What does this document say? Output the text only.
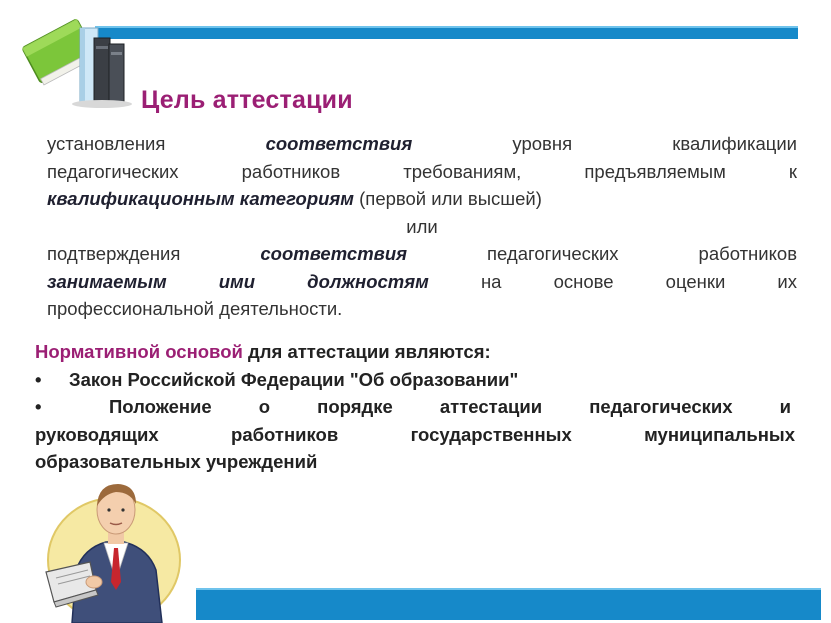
Цель аттестации
установления	соответствия	уровня	квалификации
педагогических работников требованиям, предъявляемым к
квалификационным категориям (первой или высшей)
или
подтверждения	соответствия	педагогических	работников
занимаемым ими должностям на основе оценки их
профессиональной деятельности.
Нормативной основой для аттестации являются:
• Закон Российской Федерации "Об образовании"
•	Положение о порядке аттестации педагогических и
руководящих работников государственных муниципальных
образовательных учреждений
